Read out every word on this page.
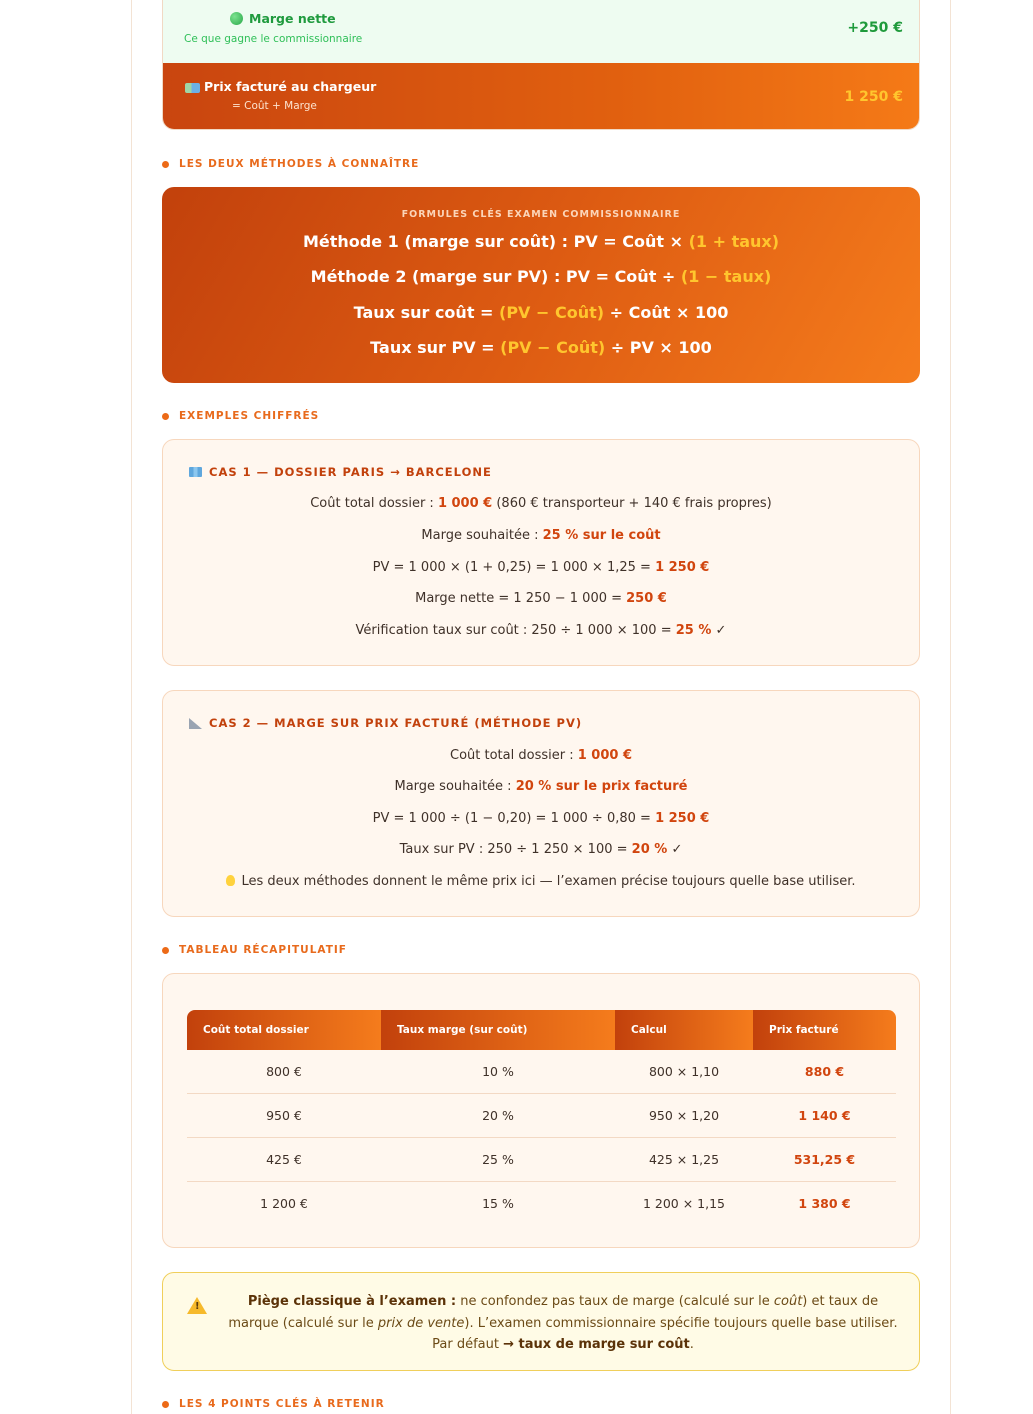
Marge nette
Ce que gagne le commissionnaire
+250 €
Prix facturé au chargeur
= Coût + Marge
1 250 €
LES DEUX MÉTHODES À CONNAÎTRE
FORMULES CLÉS EXAMEN COMMISSIONNAIRE
Méthode 1 (marge sur coût) : PV = Coût × (1 + taux)
Méthode 2 (marge sur PV) : PV = Coût ÷ (1 − taux)
Taux sur coût = (PV − Coût) ÷ Coût × 100
Taux sur PV = (PV − Coût) ÷ PV × 100
EXEMPLES CHIFFRÉS
CAS 1 — DOSSIER PARIS → BARCELONE
Coût total dossier : 1 000 € (860 € transporteur + 140 € frais propres)
Marge souhaitée : 25 % sur le coût
PV = 1 000 × (1 + 0,25) = 1 000 × 1,25 = 1 250 €
Marge nette = 1 250 − 1 000 = 250 €
Vérification taux sur coût : 250 ÷ 1 000 × 100 = 25 % ✓
CAS 2 — MARGE SUR PRIX FACTURÉ (MÉTHODE PV)
Coût total dossier : 1 000 €
Marge souhaitée : 20 % sur le prix facturé
PV = 1 000 ÷ (1 − 0,20) = 1 000 ÷ 0,80 = 1 250 €
Taux sur PV : 250 ÷ 1 250 × 100 = 20 % ✓
Les deux méthodes donnent le même prix ici — l’examen précise toujours quelle base utiliser.
TABLEAU RÉCAPITULATIF
Coût total dossier	Taux marge (sur coût)	Calcul	Prix facturé
800 €	10 %	800 × 1,10	880 €
950 €	20 %	950 × 1,20	1 140 €
425 €	25 %	425 × 1,25	531,25 €
1 200 €	15 %	1 200 × 1,15	1 380 €
!
Piège classique à l’examen : ne confondez pas taux de marge (calculé sur le coût) et taux de marque (calculé sur le prix de vente). L’examen commissionnaire spécifie toujours quelle base utiliser. Par défaut → taux de marge sur coût.
LES 4 POINTS CLÉS À RETENIR
